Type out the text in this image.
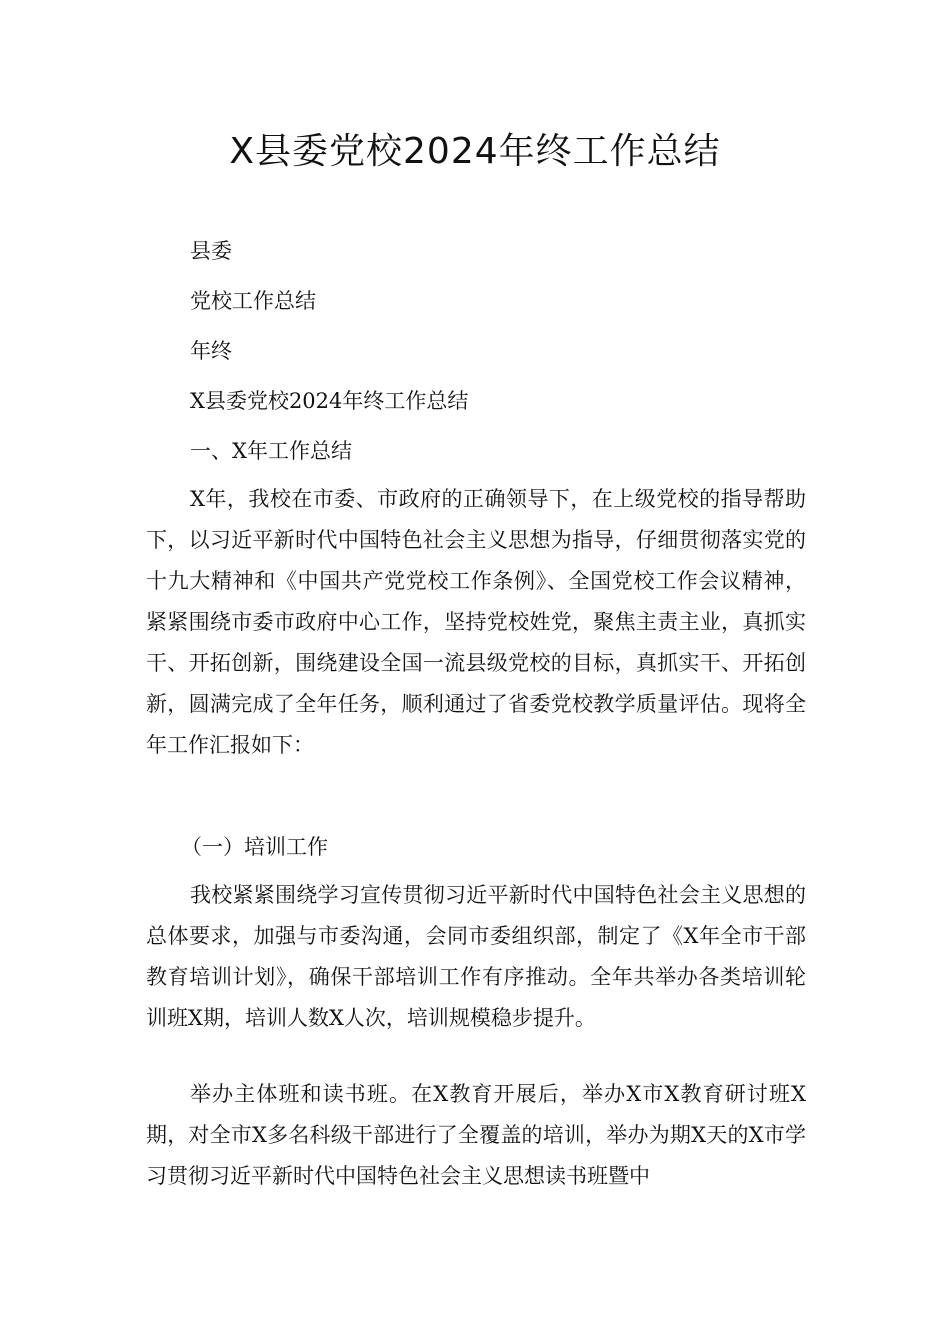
X县委党校2024年终工作总结

县委

党校工作总结

年终

X县委党校2024年终工作总结

一、X年工作总结

X年，我校在市委、市政府的正确领导下，在上级党校的指导帮助下，以习近平新时代中国特色社会主义思想为指导，仔细贯彻落实党的十九大精神和《中国共产党党校工作条例》、全国党校工作会议精神，紧紧围绕市委市政府中心工作，坚持党校姓党，聚焦主责主业，真抓实干、开拓创新，围绕建设全国一流县级党校的目标，真抓实干、开拓创新，圆满完成了全年任务，顺利通过了省委党校教学质量评估。现将全年工作汇报如下：

（一）培训工作

我校紧紧围绕学习宣传贯彻习近平新时代中国特色社会主义思想的总体要求，加强与市委沟通，会同市委组织部，制定了《X年全市干部教育培训计划》，确保干部培训工作有序推动。全年共举办各类培训轮训班X期，培训人数X人次，培训规模稳步提升。

举办主体班和读书班。在X教育开展后，举办X市X教育研讨班X期，对全市X多名科级干部进行了全覆盖的培训，举办为期X天的X市学习贯彻习近平新时代中国特色社会主义思想读书班暨中
